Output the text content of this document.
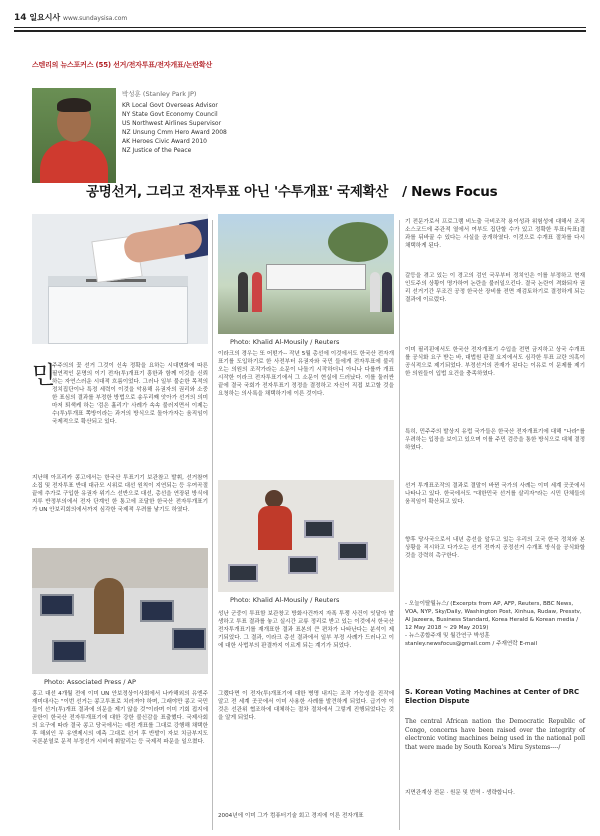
14 일요시사 www.sundaysisa.com
스텐리의 뉴스포커스 (55) 선거/전자투표/전자개표/논란확산
박성훈 (Stanley Park JP)
KR Local Govt Overseas Advisor
NY State Govt Economy Council
US Northwest Airlines Supervisor
NZ Unsung Cmm Hero Award 2008
AK Heroes Civic Award 2010
NZ Justice of the Peace
공명선거, 그리고 전자투표 아닌 '수투개표' 국제확산 / News Focus
Photo: Khalid Al-Mousily / Reuters
민
주주의의 꽃 선거 그것이 신속 정확을 요하는 시대변화에 따른 필연적인 문명의 이기 전자(투)개표기 흥한과 함께 이것을 신뢰하는 자연스러운 시대적 흐름이었다. 그러나 일부 불순한 목적의 정치집단이나 특정 세력이 이것을 악용해 유권자의 권리와 소중한 표심의 결과를 부정한 방법으로 송두리째 앗아가 선거의 의미마저 퇴색케 하는 '검은 흘리기' 사례가 속속 불러지면서 이제는 수(투)투개표 쪽방이라는 과거의 방식으로 돌아가자는 움직임이 국제적으로 확산되고 있다.
지난해 아프리카 콩고에서는 한국산 투표기기 보관참고 발휘, 선거참여 소집 및 전자투표 반대 대규모 시위로 대선 원칙이 지연되는 등 우여곡절 끝에 추가로 구입한 유권자 위기스 선반으로 대선, 총선을 연장된 방식에 지루 반정부의에서 전자 단계인 한 통고에 조달한 한국산 전자투개표기가 UN 안보리회의에서까지 심각한 국제적 우려를 낳기도 하였다.
Photo: Associated Press / AP
홍고 대선 4개월 전에 이미 UN 안보정상이사회에서 나카해외의 유엔주재미대사는 "이번 선거는 콩고투표로 치러져야 하며, 그래야만 콩고 국민들이 선거(투)개표 결과에 의문을 제기 않을 것"이라며 이미 기회 접지에 곧한이 한국산 전자투개표기에 대한 강한 불신감을 표출했다. 국제사회의 요구에 따라 결국 콩고 당국에서는 예전 개표를 그대로 강행해 채택한 후 해외인 무 유엔제시의 예측 그대로 선거 후 반발이 자보 치금부지도 국론분열로 문적 부정선거 시비에 휘말리는 등 국제적 파문을 일으켰다.
이라크의 경우는 또 어떤가-- 작년 5월 총선에 이것에서도 한국산 전자개표기를 도입하기로 한 사전부터 유권자와 국민 들에게 전자투표에 불리오는 의원의 조작가라는 소문이 나돌기 시작하더니 아니나 다를까 개표 시작한 이라크 전자투표기에서 그 소문이 현실에 드러났다. 이를 둘러싼 끝에 결국 국회가 전자투표기 정정을 결정하고 자신이 직접 보고할 것을 요청하는 의사록을 채택하기에 이른 것이다.
Photo: Khalid Al-Mousily / Reuters
성난 군중이 투표함 보관창고 방화사건까지 자폭 투쟁 사건이 잇달아 발생하고 투표 결과를 놓고 실시간 교류 정리로 받고 있는 이것에서 한국산 전자투개표기를 재개표한 결과 표본의 큰 편차가 나타난다는 분석이 제기되었다. 그 결과, 이라크 총선 결과에서 일부 부정 사례가 드러나고 이에 대한 사법부의 판결까지 이르게 되는 계기가 되었다.
그랬다면 이 전자(투)개표기에 대한 병명 내지는 조작 가능성을 진작에 알고 전 세계 곳곳에서 이미 사용한 사례를 발견하게 되었다. 급기야 이것은 선관위 협조하에 대체하는 절차 절차에서 그렇게 진행되었다는 것을 알게 되었다.
2004년에 이미 그가 컴퓨터기술 회고 경지에 이른 전자개표
기 전문가로서 프로그램 비노출 극비조작 용이성과 위험성에 대해서 조직 소스코드에 주관적 열에서 여부도 집단할 수가 있고 정확한 투표(득표)결과를 뒤바꿀 수 있다는 사실을 공개하였다. 이것으로 수개표 절차를 다시 채택하게 된다.
갈등을 겪고 있는 이 경고의 검인 국무부터 정치인은 이를 부정하고 현재 인도주의 상황이 명가하여 논란을 불러일으킨다. 결국 논란이 격화되자 권리 선거기간 무조건 공정 한국산 장비를 전면 재검토하기로 결정하게 되는 결과에 이르렀다.
이미 필리핀에서도 한국산 전자개표기 수입을 전면 금지하고 상국 수개표를 공식화 요구 받는 바, 대법원 판결 요지에서도 심각한 투표 교란 의혹이 공식적으로 제기되었다. 부정선거의 잔재가 된다는 이유로 이 문제를 제기한 의원들이 입법 요건을 충족하였다.
특히, 민주주의 발상지 유럽 국가들은 한국산 전자개표기에 대해 "나라"를 우려하는 입장을 보이고 있으며 이를 주민 검증을 통한 방식으로 대체 결정하였다.
선거 투개표조작의 결과로 결말이 바뀐 국가의 사례는 이미 세계 곳곳에서 나타나고 있다. 한국에서도 "대한민국 선거를 살리자"라는 시민 단체들의 움직임이 확산되고 있다.
향후 당사국으로서 내년 총선을 앞두고 있는 우리의 고국 한국 정치와 본 상황을 직시하고 다가오는 선거 전까지 공정선거 수개표 방식을 공식화할 것을 강력히 촉구한다.
- 오늘이탈월뉴스/ (Excerpts from AP, AFP, Reuters, BBC News, VOA, NYP, Sky/Daily, Washington Post, Xinhua, Rudaw, Presstv, Al Jazeera, Business Standard, Korea Herald & Korean media / 12 May 2018 ~ 29 May 2019)
- 뉴스종합주재 및 월간연구 박성훈
stanley.newsfocus@gmail.com / 주재연락 E-mail
S. Korean Voting Machines at Center of DRC Election Dispute
The central African nation the Democratic Republic of Congo, concerns have been raised over the integrity of electronic voting machines being used in the national poll that were made by South Korea's Miru Systems----/
지면관계상 전문 · 원문 및 번역 - 생략합니다.
